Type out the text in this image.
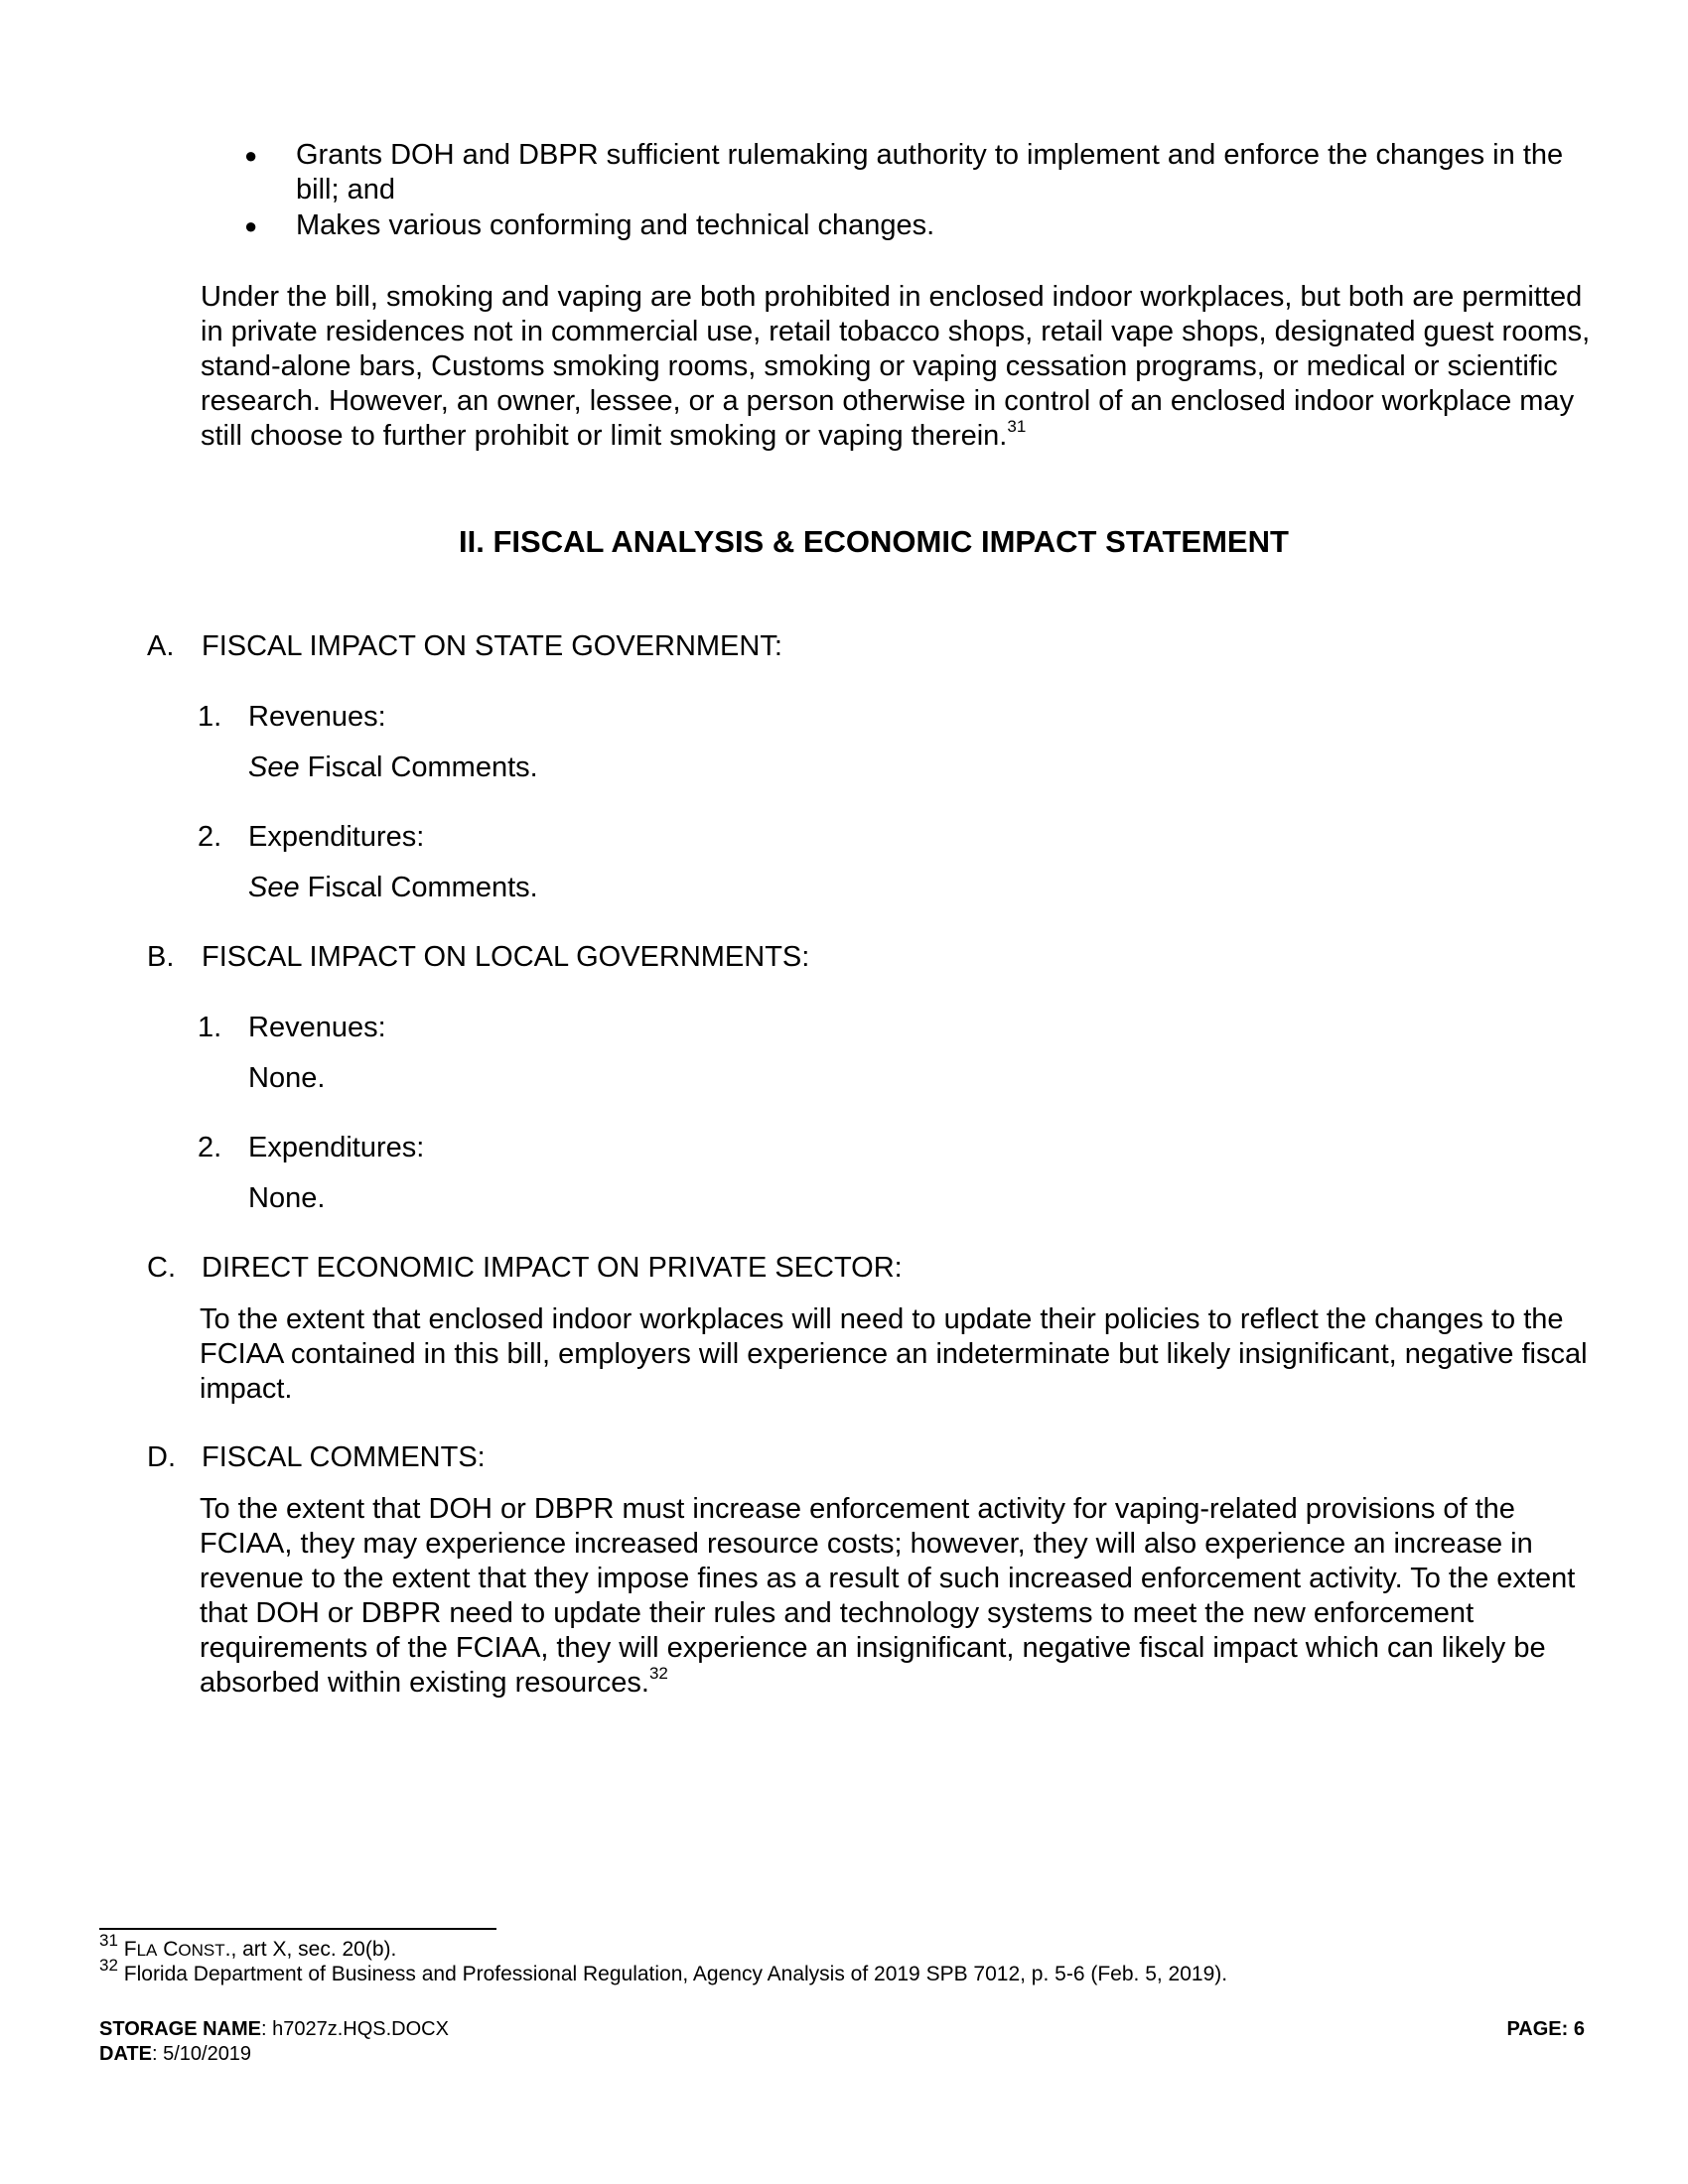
● Grants DOH and DBPR sufficient rulemaking authority to implement and enforce the changes in the bill; and
● Makes various conforming and technical changes.
Under the bill, smoking and vaping are both prohibited in enclosed indoor workplaces, but both are permitted in private residences not in commercial use, retail tobacco shops, retail vape shops, designated guest rooms, stand-alone bars, Customs smoking rooms, smoking or vaping cessation programs, or medical or scientific research. However, an owner, lessee, or a person otherwise in control of an enclosed indoor workplace may still choose to further prohibit or limit smoking or vaping therein.$^{31}$
II. FISCAL ANALYSIS & ECONOMIC IMPACT STATEMENT
A. FISCAL IMPACT ON STATE GOVERNMENT:
1. Revenues:
See Fiscal Comments.
2. Expenditures:
See Fiscal Comments.
B. FISCAL IMPACT ON LOCAL GOVERNMENTS:
1. Revenues:
None.
2. Expenditures:
None.
C. DIRECT ECONOMIC IMPACT ON PRIVATE SECTOR:
To the extent that enclosed indoor workplaces will need to update their policies to reflect the changes to the FCIAA contained in this bill, employers will experience an indeterminate but likely insignificant, negative fiscal impact.
D. FISCAL COMMENTS:
To the extent that DOH or DBPR must increase enforcement activity for vaping-related provisions of the FCIAA, they may experience increased resource costs; however, they will also experience an increase in revenue to the extent that they impose fines as a result of such increased enforcement activity. To the extent that DOH or DBPR need to update their rules and technology systems to meet the new enforcement requirements of the FCIAA, they will experience an insignificant, negative fiscal impact which can likely be absorbed within existing resources.$^{32}$
$^{31}$ FLA CONST., art X, sec. 20(b).
$^{32}$ Florida Department of Business and Professional Regulation, Agency Analysis of 2019 SPB 7012, p. 5-6 (Feb. 5, 2019).
STORAGE NAME: h7027z.HQS.DOCX
DATE: 5/10/2019
PAGE: 6
